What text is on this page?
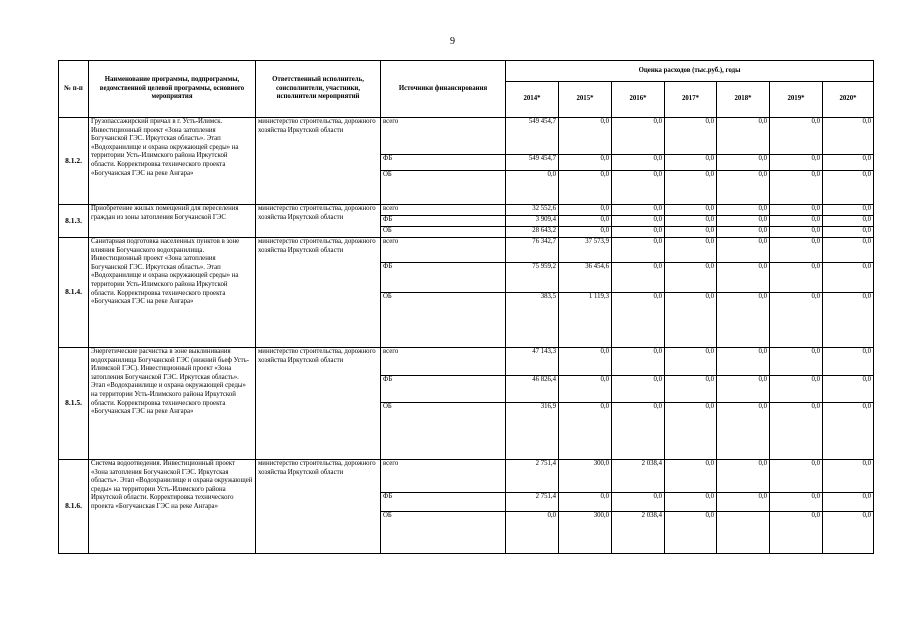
9
№ п-п	Наименование программы, подпрограммы, ведомственной целевой программы, основного мероприятия	Ответственный исполнитель, соисполнители, участники, исполнители мероприятий	Источники финансирования	Оценка расходов (тыс.руб.), годы						
				2014*	2015*	2016*	2017*	2018*	2019*	2020*
8.1.2.	Грузопассажирский причал в г. Усть-Илимск. Инвестиционный проект «Зона затопления Богучанской ГЭС. Иркутская область». Этап «Водохранилище и охрана окружающей среды» на территории Усть-Илимского района Иркутской области. Корректировка технического проекта «Богучанская ГЭС на реке Ангара»	министерство строительства, дорожного хозяйства Иркутской области	всего	549 454,7	0,0	0,0	0,0	0,0	0,0	0,0
			ФБ	549 454,7	0,0	0,0	0,0	0,0	0,0	0,0
			ОБ	0,0	0,0	0,0	0,0	0,0	0,0	0,0
8.1.3.	Приобретение жилых помещений для переселения граждан из зоны затопления Богучанской ГЭС	министерство строительства, дорожного хозяйства Иркутской области	всего	32 552,6	0,0	0,0	0,0	0,0	0,0	0,0
			ФБ	3 909,4	0,0	0,0	0,0	0,0	0,0	0,0
			ОБ	28 643,2	0,0	0,0	0,0	0,0	0,0	0,0
8.1.4.	Санитарная подготовка населенных пунктов в зоне влияния Богучанского водохранилища. Инвестиционный проект «Зона затопления Богучанской ГЭС. Иркутская область». Этап «Водохранилище и охрана окружающей среды» на территории Усть-Илимского района Иркутской области. Корректировка технического проекта «Богучанская ГЭС на реке Ангара»	министерство строительства, дорожного хозяйства Иркутской области	всего	76 342,7	37 573,9	0,0	0,0	0,0	0,0	0,0
			ФБ	75 959,2	36 454,6	0,0	0,0	0,0	0,0	0,0
			ОБ	383,5	1 119,3	0,0	0,0	0,0	0,0	0,0
8.1.5.	Энергетические расчистка в зоне выклинивания водохранилища Богучанской ГЭС (нижний бьеф Усть-Илимской ГЭС). Инвестиционный проект «Зона затопления Богучанской ГЭС. Иркутская область». Этап «Водохранилище и охрана окружающей среды» на территории Усть-Илимского района Иркутской области. Корректировка технического проекта «Богучанская ГЭС на реке Ангара»	министерство строительства, дорожного хозяйства Иркутской области	всего	47 143,3	0,0	0,0	0,0	0,0	0,0	0,0
			ФБ	46 826,4	0,0	0,0	0,0	0,0	0,0	0,0
			ОБ	316,9	0,0	0,0	0,0	0,0	0,0	0,0
8.1.6.	Система водоотведения. Инвестиционный проект «Зона затопления Богучанской ГЭС. Иркутская область». Этап «Водохранилище и охрана окружающей среды» на территории Усть-Илимского района Иркутской области. Корректировка технического проекта «Богучанская ГЭС на реке Ангара»	министерство строительства, дорожного хозяйства Иркутской области	всего	2 751,4	300,0	2 038,4	0,0	0,0	0,0	0,0
			ФБ	2 751,4	0,0	0,0	0,0	0,0	0,0	0,0
			ОБ	0,0	300,0	2 038,4	0,0		0,0	0,0
